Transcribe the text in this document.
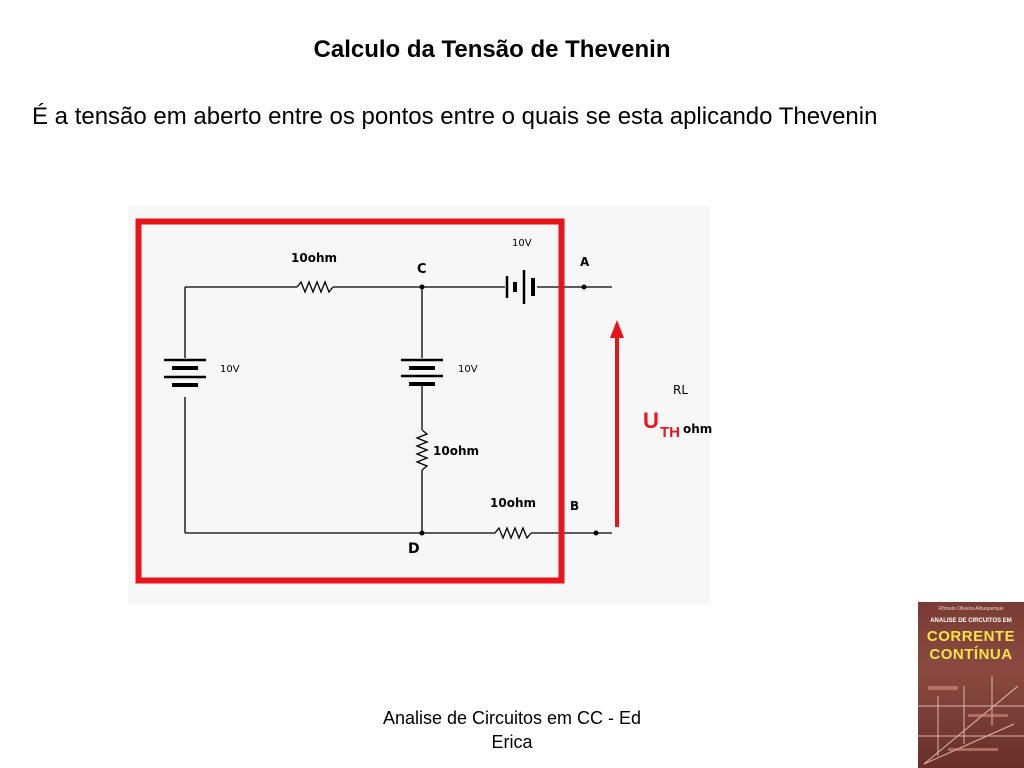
Calculo da Tensão de Thevenin
É a tensão em aberto entre os pontos entre o quais se esta aplicando Thevenin
10ohm
10V
C	A
10V	10V
10ohm
10ohm	B
D
RL
ohm
U TH
Analise de Circuitos em CC - Ed Erica
Rômulo Oliveira Albuquerque
ANALISE DE CIRCUITOS EM
CORRENTE
CONTÍNUA
